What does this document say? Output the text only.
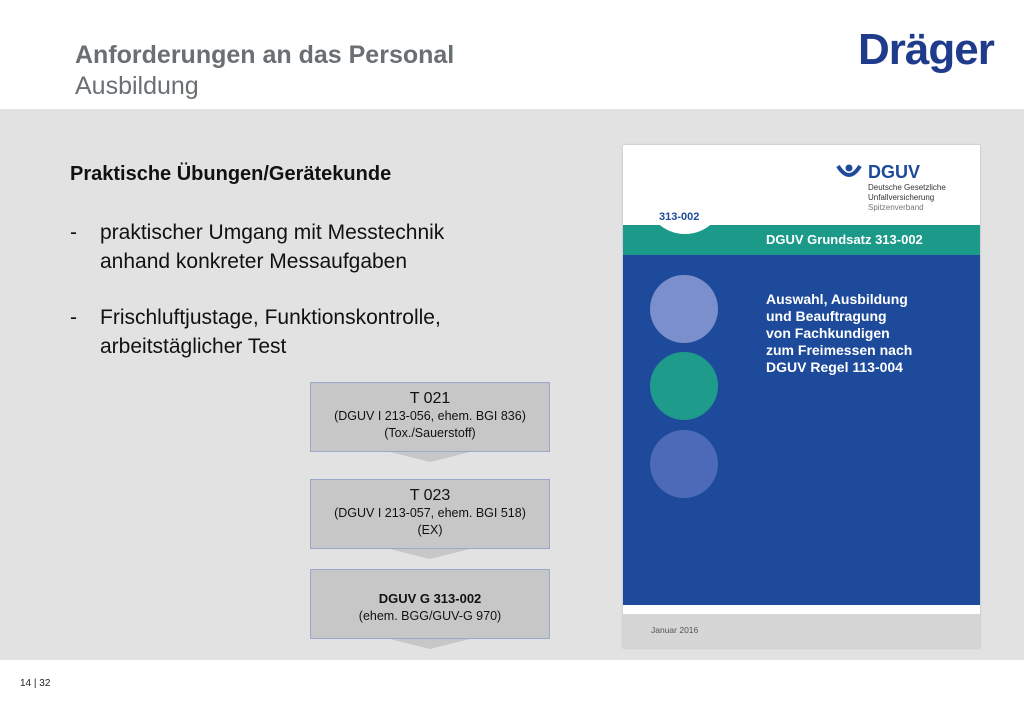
Anforderungen an das Personal
Ausbildung
Dräger
Praktische Übungen/Gerätekunde
- praktischer Umgang mit Messtechnik anhand konkreter Messaufgaben
- Frischluftjustage, Funktionskontrolle, arbeitstäglicher Test
T 021
(DGUV I 213-056, ehem. BGI 836)
(Tox./Sauerstoff)
T 023
(DGUV I 213-057, ehem. BGI 518)
(EX)
DGUV G 313-002
(ehem. BGG/GUV-G 970)
DGUV
Deutsche Gesetzliche
Unfallversicherung
Spitzenverband
DGUV Grundsatz 313-002
313-002
Auswahl, Ausbildung
und Beauftragung
von Fachkundigen
zum Freimessen nach
DGUV Regel 113-004
Januar 2016
14 | 32
